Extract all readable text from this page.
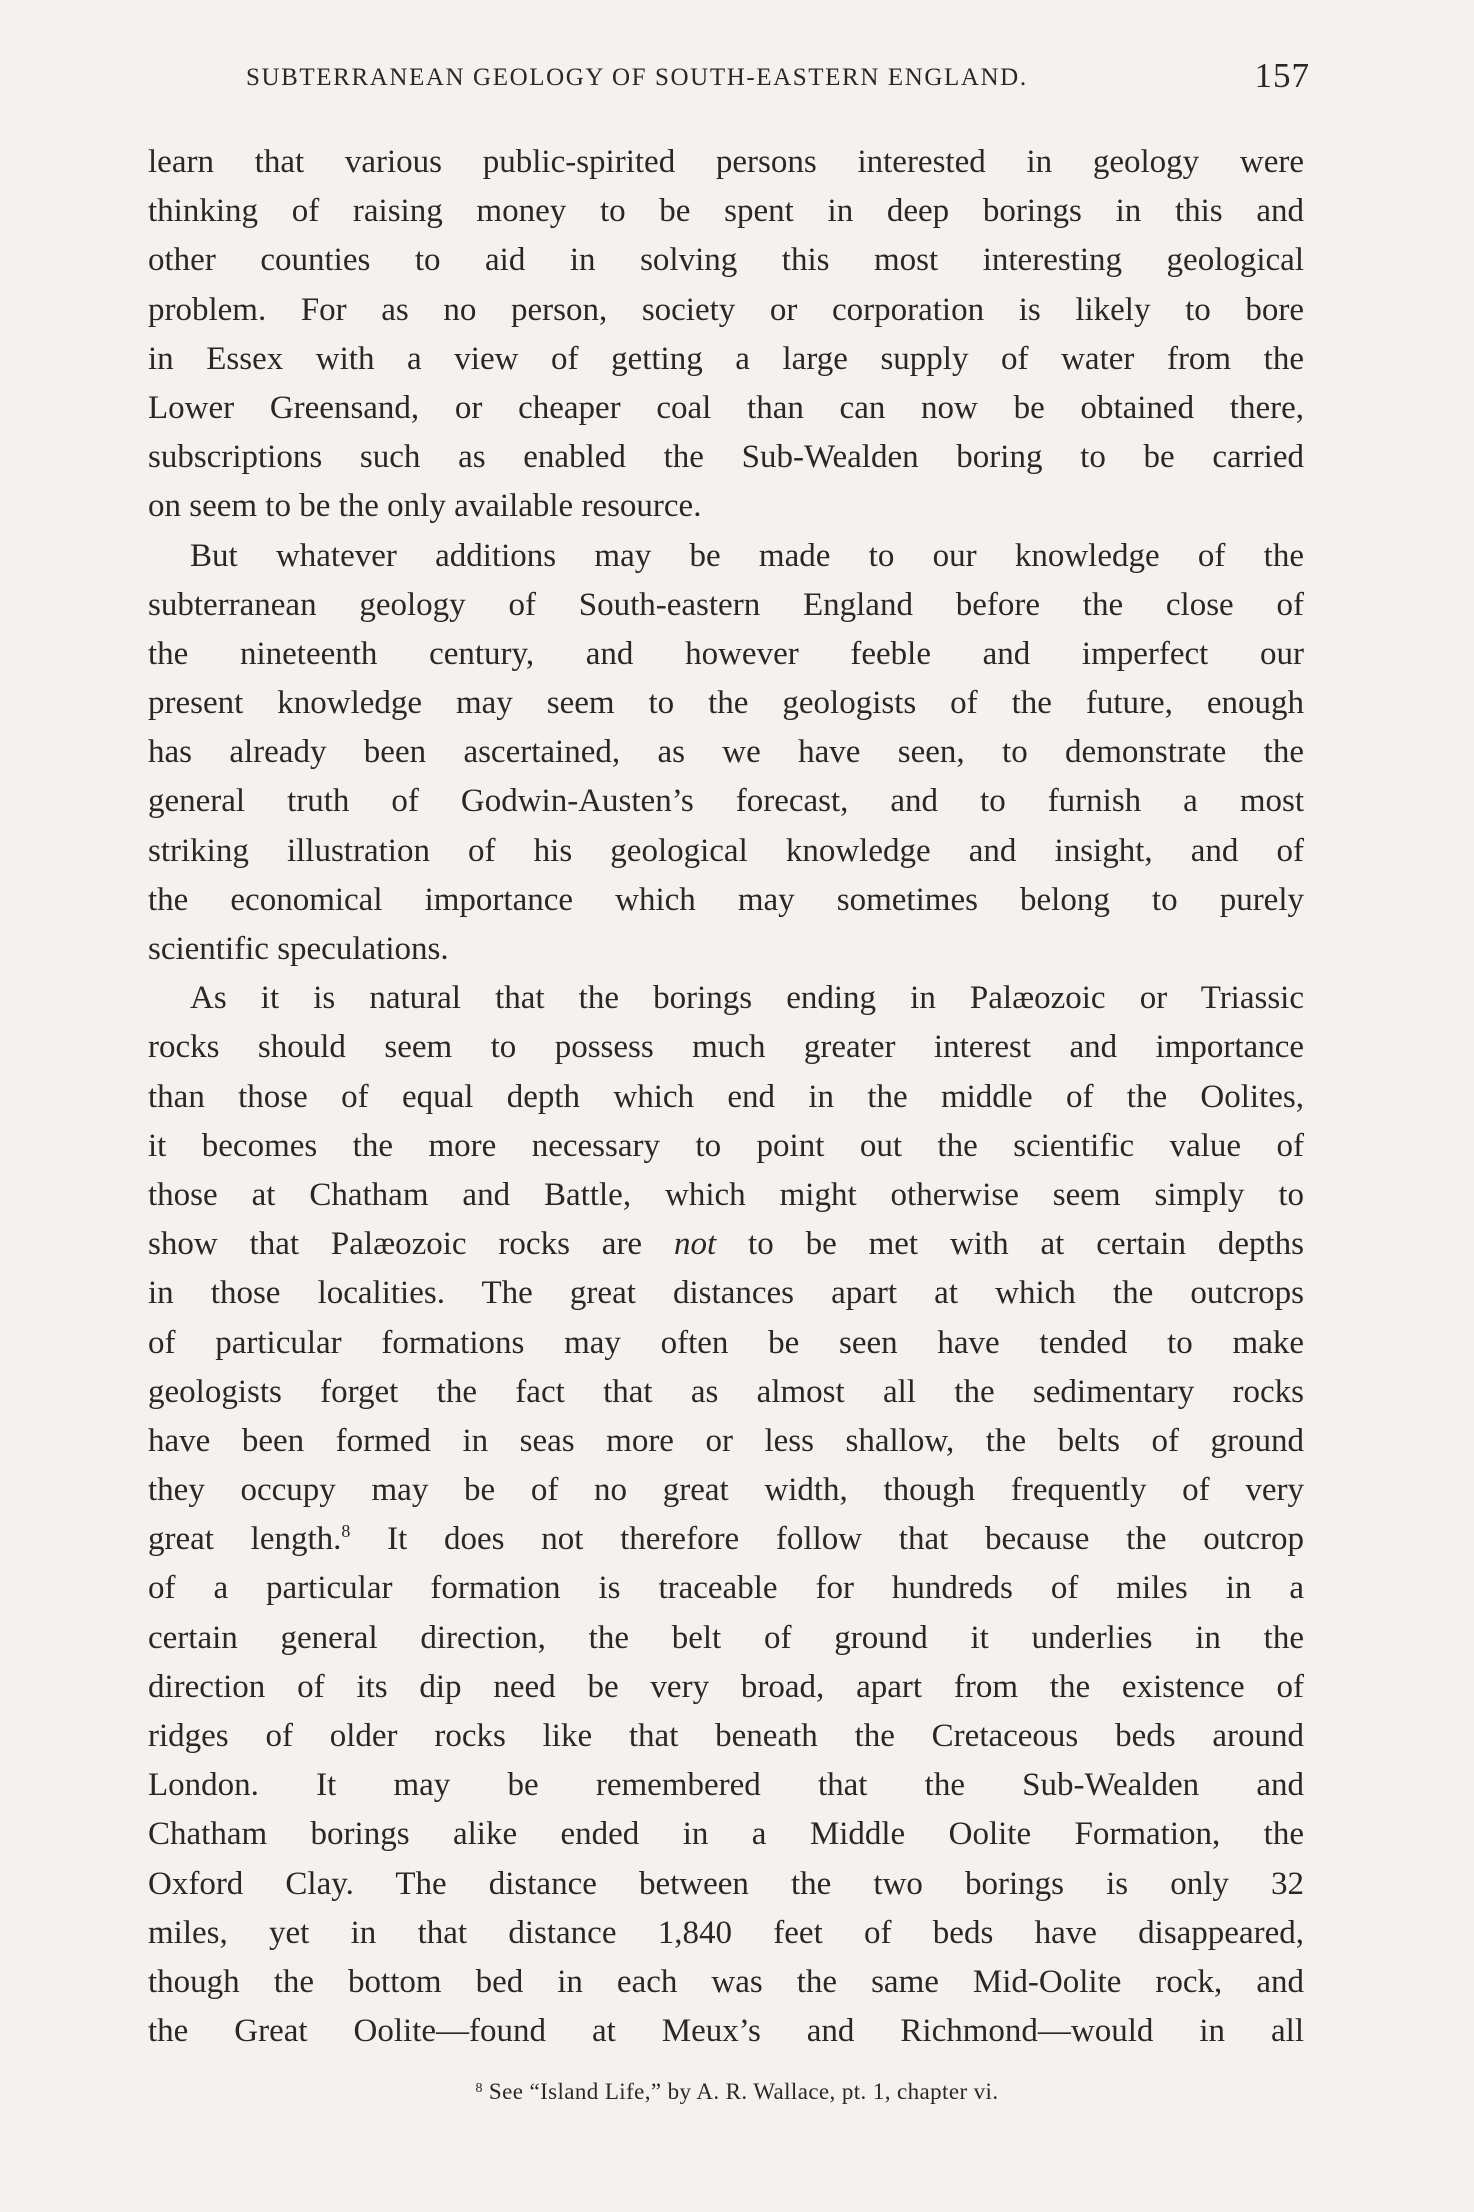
SUBTERRANEAN GEOLOGY OF SOUTH-EASTERN ENGLAND.	157
learn that various public-spirited persons interested in geology were
thinking of raising money to be spent in deep borings in this and
other counties to aid in solving this most interesting geological
problem. For as no person, society or corporation is likely to bore
in Essex with a view of getting a large supply of water from the
Lower Greensand, or cheaper coal than can now be obtained there,
subscriptions such as enabled the Sub-Wealden boring to be carried
on seem to be the only available resource.
But whatever additions may be made to our knowledge of the
subterranean geology of South-eastern England before the close of
the nineteenth century, and however feeble and imperfect our
present knowledge may seem to the geologists of the future, enough
has already been ascertained, as we have seen, to demonstrate the
general truth of Godwin-Austen’s forecast, and to furnish a most
striking illustration of his geological knowledge and insight, and of
the economical importance which may sometimes belong to purely
scientific speculations.
As it is natural that the borings ending in Palæozoic or Triassic
rocks should seem to possess much greater interest and importance
than those of equal depth which end in the middle of the Oolites,
it becomes the more necessary to point out the scientific value of
those at Chatham and Battle, which might otherwise seem simply to
show that Palæozoic rocks are not to be met with at certain depths
in those localities. The great distances apart at which the outcrops
of particular formations may often be seen have tended to make
geologists forget the fact that as almost all the sedimentary rocks
have been formed in seas more or less shallow, the belts of ground
they occupy may be of no great width, though frequently of very
great length.$^8$ It does not therefore follow that because the outcrop
of a particular formation is traceable for hundreds of miles in a
certain general direction, the belt of ground it underlies in the
direction of its dip need be very broad, apart from the existence of
ridges of older rocks like that beneath the Cretaceous beds around
London. It may be remembered that the Sub-Wealden and
Chatham borings alike ended in a Middle Oolite Formation, the
Oxford Clay. The distance between the two borings is only 32
miles, yet in that distance 1,840 feet of beds have disappeared,
though the bottom bed in each was the same Mid-Oolite rock, and
the Great Oolite—found at Meux’s and Richmond—would in all
$^8$ See “Island Life,” by A. R. Wallace, pt. 1, chapter vi.
